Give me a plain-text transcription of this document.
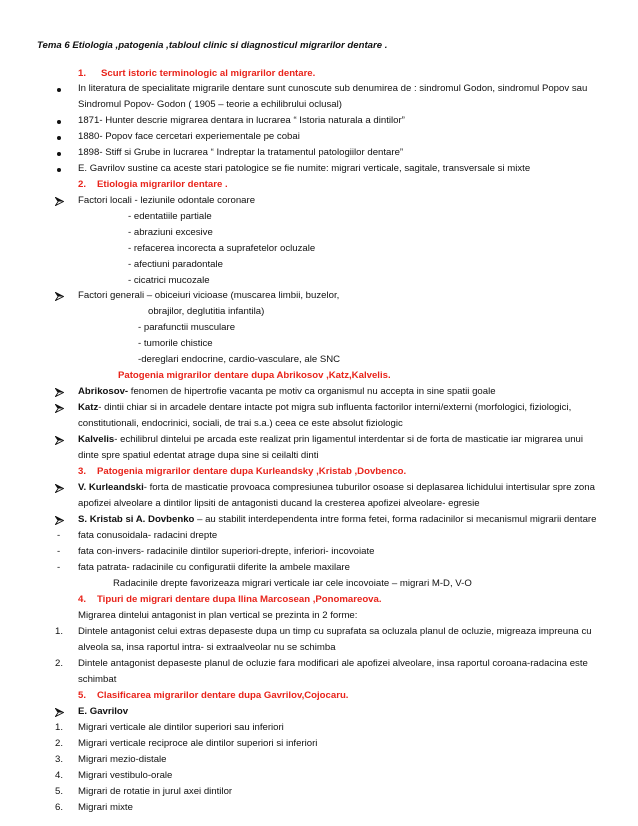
Tema 6 Etiologia ,patogenia ,tabloul clinic si diagnosticul migrarilor dentare .
1. Scurt istoric terminologic al migrarilor dentare.
In literatura de specialitate migrarile dentare sunt cunoscute sub denumirea de : sindromul Godon, sindromul Popov sau
Sindromul Popov- Godon ( 1905 – teorie a echilibrului oclusal)
1871- Hunter descrie migrarea dentara in lucrarea “ Istoria naturala a dintilor”
1880- Popov face cercetari experiementale pe cobai
1898- Stiff si Grube in lucrarea “ Indreptar la tratamentul patologiilor dentare”
E. Gavrilov sustine ca aceste stari patologice se fie numite: migrari verticale, sagitale, transversale si mixte
2. Etiologia migrarilor dentare .
Factori locali - leziunile odontale coronare
- edentatiile partiale
- abraziuni excesive
- refacerea incorecta a suprafetelor ocluzale
- afectiuni paradontale
- cicatrici mucozale
Factori generali – obiceiuri vicioase (muscarea limbii, buzelor,
obrajilor, deglutitia infantila)
- parafunctii musculare
- tumorile chistice
-dereglari endocrine, cardio-vasculare, ale SNC
Patogenia migrarilor dentare dupa Abrikosov ,Katz,Kalvelis.
Abrikosov- fenomen de hipertrofie vacanta pe motiv ca organismul nu accepta in sine spatii goale
Katz- dintii chiar si in arcadele dentare intacte pot migra sub influenta factorilor interni/externi (morfologici, fiziologici,
constitutionali, endocrinici, sociali, de trai s.a.) ceea ce este absolut fiziologic
Kalvelis- echilibrul dintelui pe arcada este realizat prin ligamentul interdentar si de forta de masticatie iar migrarea unui
dinte spre spatiul edentat atrage dupa sine si ceilalti dinti
3. Patogenia migrarilor dentare dupa Kurleandsky ,Kristab ,Dovbenco.
V. Kurleandski- forta de masticatie provoaca compresiunea tuburilor osoase si deplasarea lichidului intertisular spre zona
apofizei alveolare a dintilor lipsiti de antagonisti ducand la cresterea apofizei alveolare- egresie
S. Kristab si A. Dovbenko – au stabilit interdependenta intre forma fetei, forma radacinilor si mecanismul migrarii dentare
- fata conusoidala- radacini drepte
- fata con-invers- radacinile dintilor superiori-drepte, inferiori- incovoiate
- fata patrata- radacinile cu configuratii diferite la ambele maxilare
Radacinile drepte favorizeaza migrari verticale iar cele incovoiate – migrari M-D, V-O
4. Tipuri de migrari dentare dupa Ilina Marcosean ,Ponomareova.
Migrarea dintelui antagonist in plan vertical se prezinta in 2 forme:
1. Dintele antagonist celui extras depaseste dupa un timp cu suprafata sa ocluzala planul de ocluzie, migreaza impreuna cu
alveola sa, insa raportul intra- si extraalveolar nu se schimba
2. Dintele antagonist depaseste planul de ocluzie fara modificari ale apofizei alveolare, insa raportul coroana-radacina este
schimbat
5. Clasificarea migrarilor dentare dupa Gavrilov,Cojocaru.
E. Gavrilov
1. Migrari verticale ale dintilor superiori sau inferiori
2. Migrari verticale reciproce ale dintilor superiori si inferiori
3. Migrari mezio-distale
4. Migrari vestibulo-orale
5. Migrari de rotatie in jurul axei dintilor
6. Migrari mixte
